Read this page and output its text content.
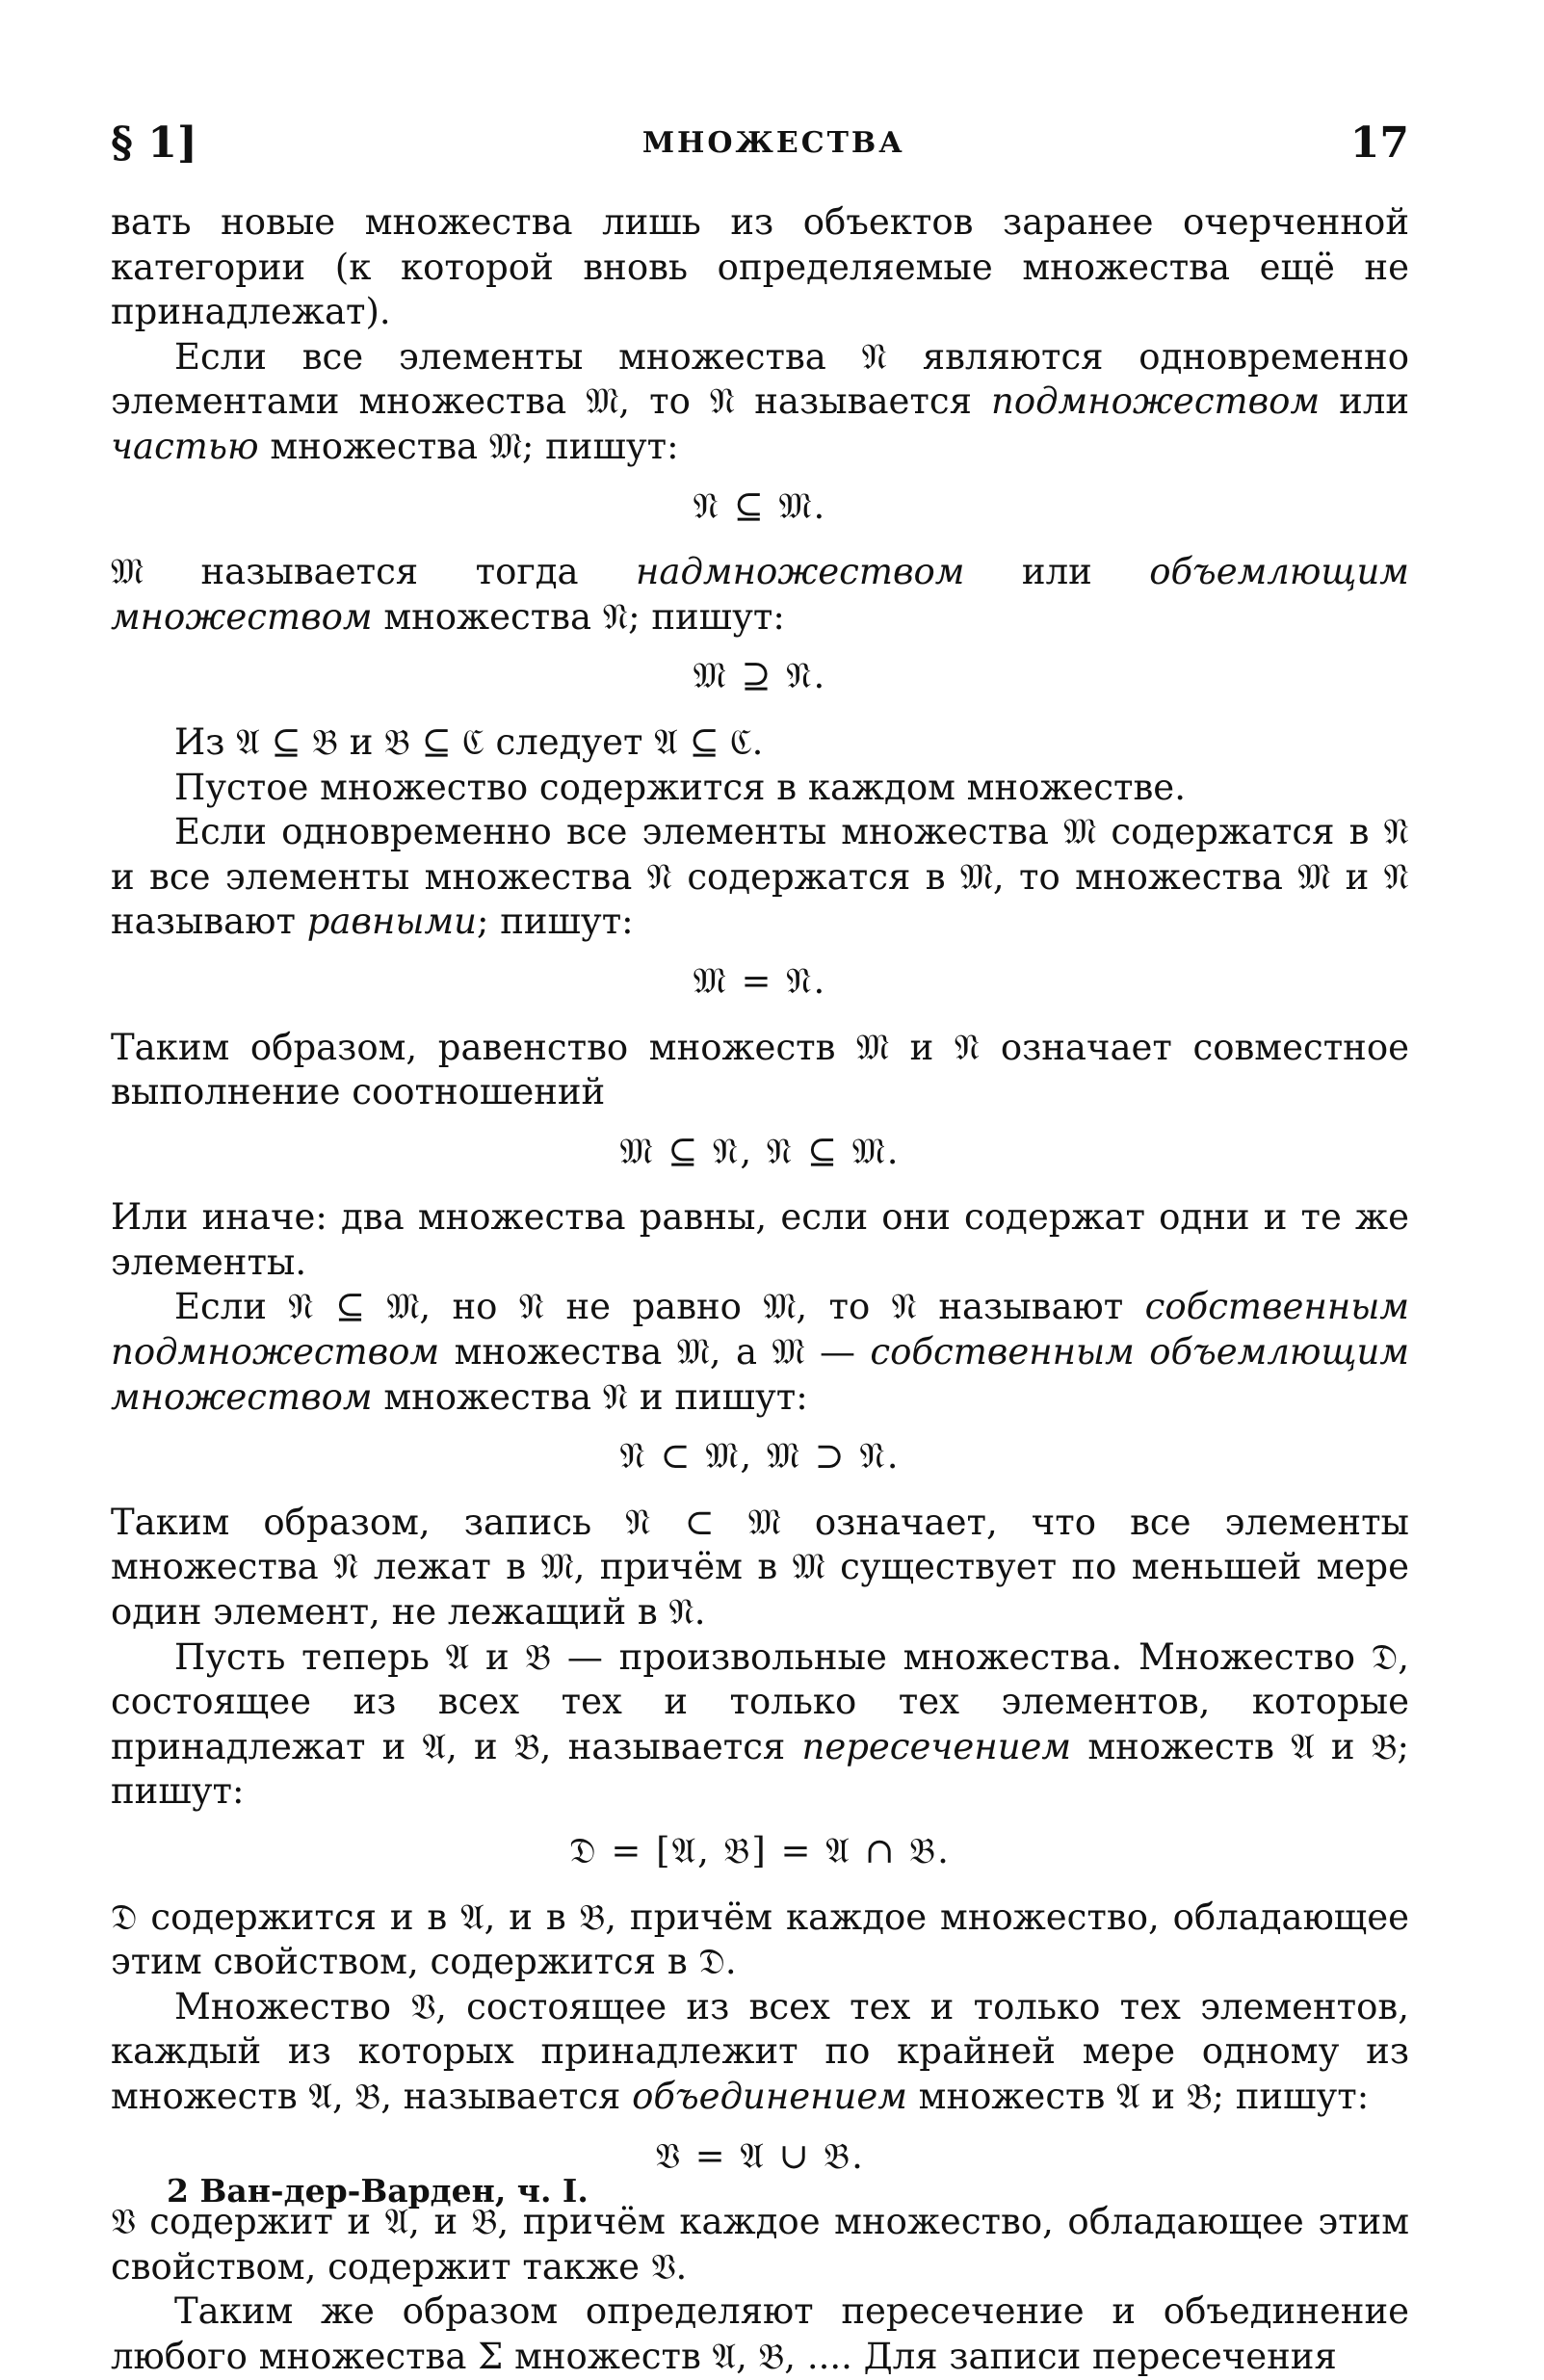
§ 1]	МНОЖЕСТВА	17

вать новые множества лишь из объектов заранее очерченной категории (к которой вновь определяемые множества ещё не принадлежат).

Если все элементы множества 𝔑 являются одновременно элементами множества 𝔐, то 𝔑 называется подмножеством или частью множества 𝔐; пишут:

𝔑 ⊆ 𝔐.

𝔐 называется тогда надмножеством или объемлющим множеством множества 𝔑; пишут:

𝔐 ⊇ 𝔑.

Из 𝔄 ⊆ 𝔅 и 𝔅 ⊆ ℭ следует 𝔄 ⊆ ℭ.

Пустое множество содержится в каждом множестве.

Если одновременно все элементы множества 𝔐 содержатся в 𝔑 и все элементы множества 𝔑 содержатся в 𝔐, то множества 𝔐 и 𝔑 называют равными; пишут:

𝔐 = 𝔑.

Таким образом, равенство множеств 𝔐 и 𝔑 означает совместное выполнение соотношений

𝔐 ⊆ 𝔑, 𝔑 ⊆ 𝔐.

Или иначе: два множества равны, если они содержат одни и те же элементы.

Если 𝔑 ⊆ 𝔐, но 𝔑 не равно 𝔐, то 𝔑 называют собственным подмножеством множества 𝔐, а 𝔐 — собственным объемлющим множеством множества 𝔑 и пишут:

𝔑 ⊂ 𝔐, 𝔐 ⊃ 𝔑.

Таким образом, запись 𝔑 ⊂ 𝔐 означает, что все элементы множества 𝔑 лежат в 𝔐, причём в 𝔐 существует по меньшей мере один элемент, не лежащий в 𝔑.

Пусть теперь 𝔄 и 𝔅 — произвольные множества. Множество 𝔇, состоящее из всех тех и только тех элементов, которые принадлежат и 𝔄, и 𝔅, называется пересечением множеств 𝔄 и 𝔅; пишут:

𝔇 = [𝔄, 𝔅] = 𝔄 ∩ 𝔅.

𝔇 содержится и в 𝔄, и в 𝔅, причём каждое множество, обладающее этим свойством, содержится в 𝔇.

Множество 𝔙, состоящее из всех тех и только тех элементов, каждый из которых принадлежит по крайней мере одному из множеств 𝔄, 𝔅, называется объединением множеств 𝔄 и 𝔅; пишут:

𝔙 = 𝔄 ∪ 𝔅.

𝔙 содержит и 𝔄, и 𝔅, причём каждое множество, обладающее этим свойством, содержит также 𝔙.

Таким же образом определяют пересечение и объединение любого множества Σ множеств 𝔄, 𝔅, .... Для записи пересечения

2 Ван-дер-Варден, ч. I.
